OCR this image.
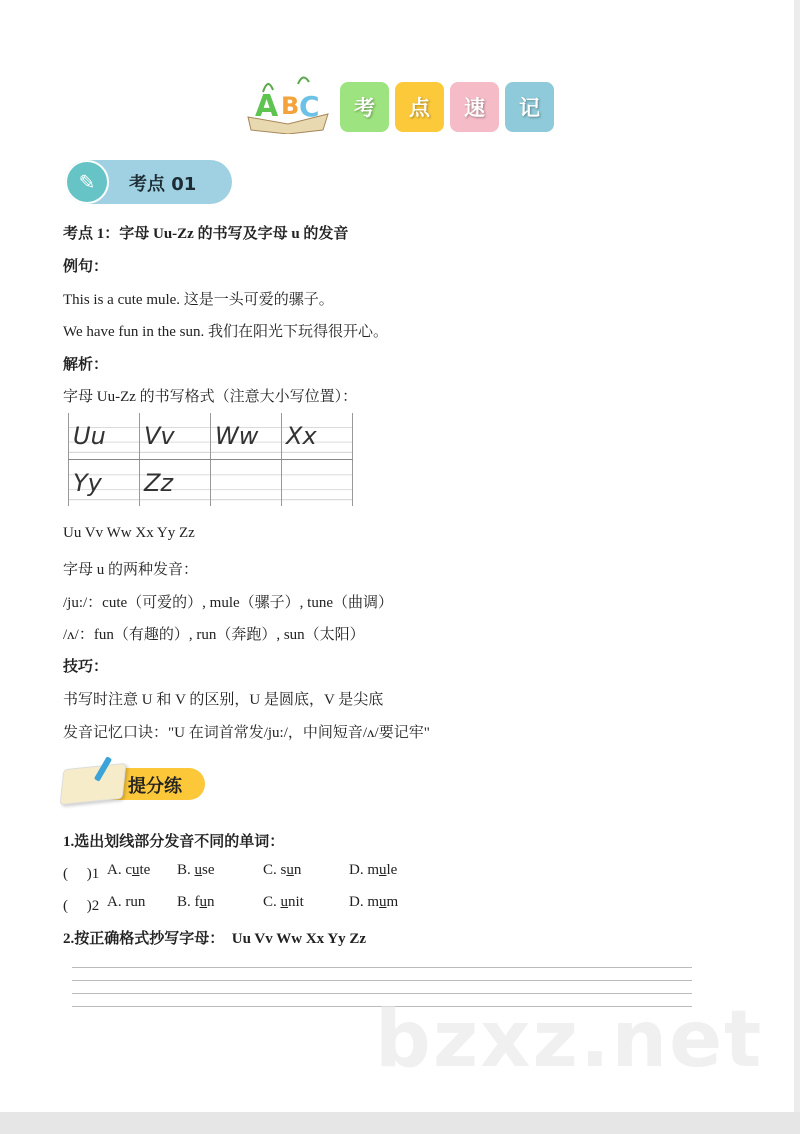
A B C	考	点	速	记
✎	考点 01
考点 1：字母 Uu-Zz 的书写及字母 u 的发音
例句：
This is a cute mule. 这是一头可爱的骡子。
We have fun in the sun. 我们在阳光下玩得很开心。
解析：
字母 Uu-Zz 的书写格式（注意大小写位置）：
Uu	Vv	Ww	Xx
Yy	Zz		
Uu Vv Ww Xx Yy Zz
字母 u 的两种发音：
/ju:/：cute（可爱的）, mule（骡子）, tune（曲调）
/ʌ/：fun（有趣的）, run（奔跑）, sun（太阳）
技巧：
书写时注意 U 和 V 的区别，U 是圆底，V 是尖底
发音记忆口诀："U 在词首常发/ju:/，中间短音/ʌ/要记牢"
提分练
1.选出划线部分发音不同的单词：
(　 )1 A. cute B. use	C. sun	D. mule
(　 )2 A. run B. fun	C. unit	D. mum
2.按正确格式抄写字母： Uu Vv Ww Xx Yy Zz
bzxz.net
